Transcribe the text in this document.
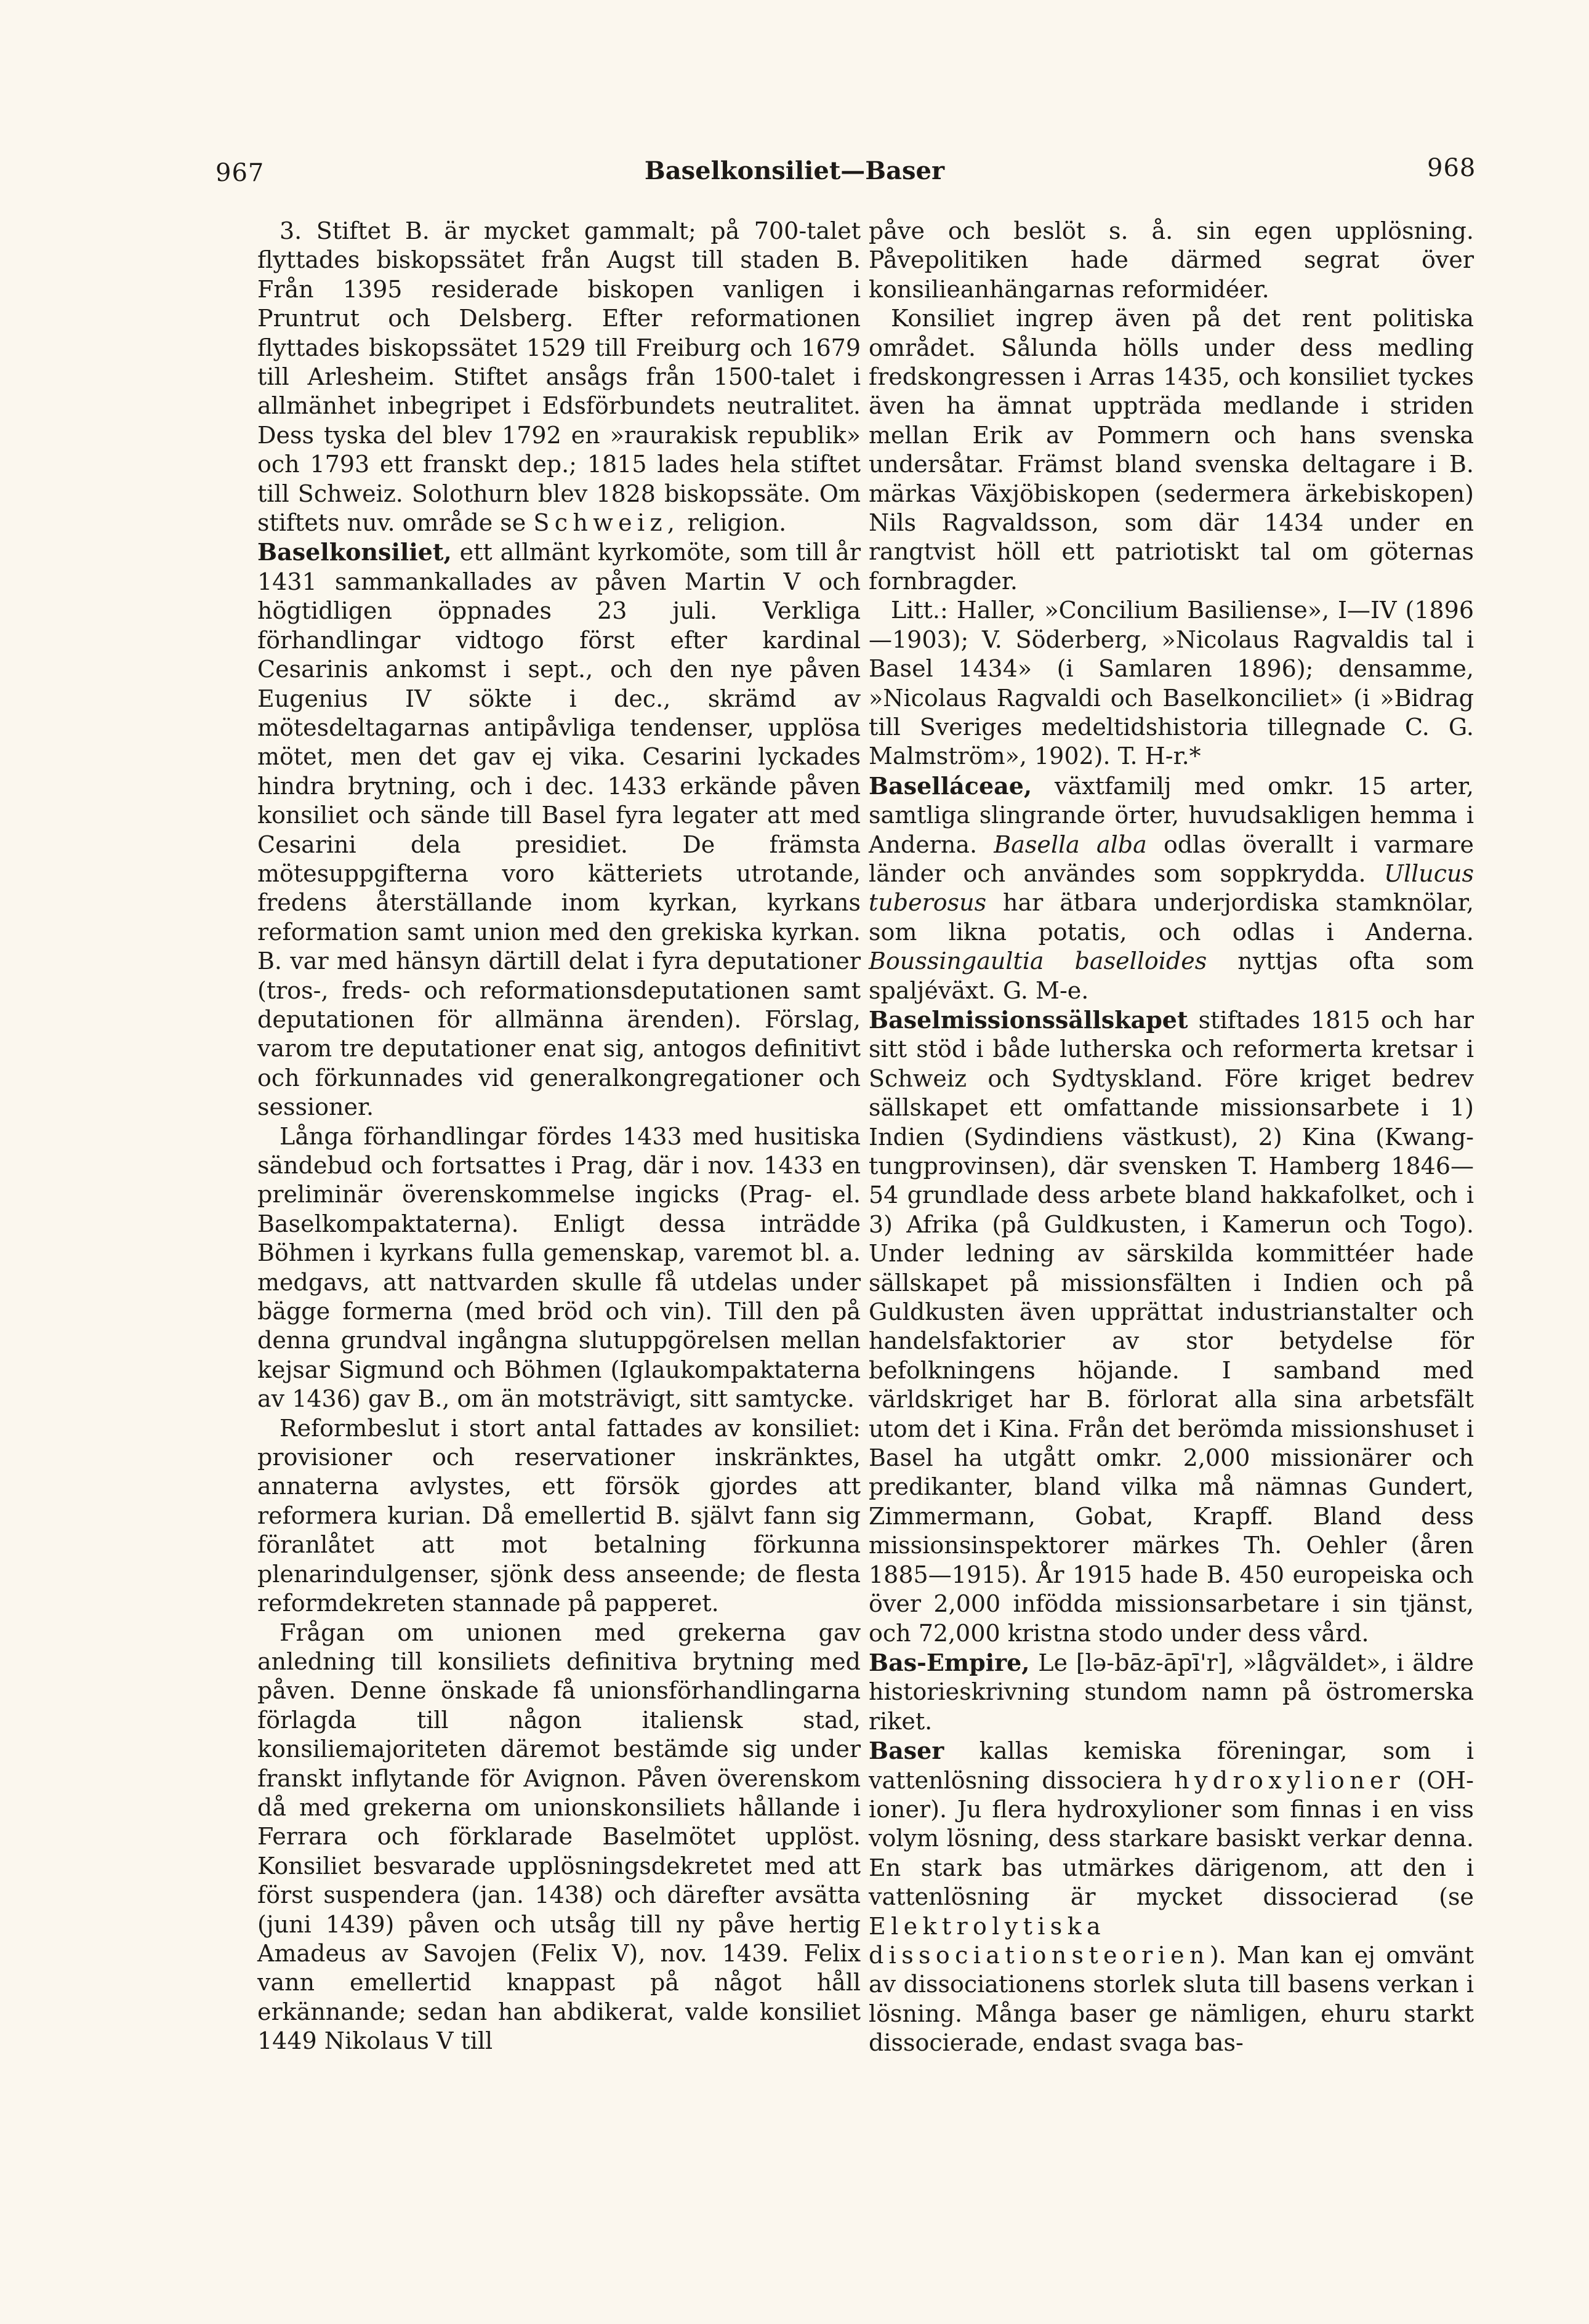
967	Baselkonsiliet—Baser	968

3. Stiftet B. är mycket gammalt; på 700-talet flyttades biskopssätet från Augst till staden B. Från 1395 residerade biskopen vanligen i Pruntrut och Delsberg. Efter reformationen flyttades biskopssätet 1529 till Freiburg och 1679 till Arlesheim. Stiftet ansågs från 1500-talet i allmänhet inbegripet i Edsförbundets neutralitet. Dess tyska del blev 1792 en »raurakisk republik» och 1793 ett franskt dep.; 1815 lades hela stiftet till Schweiz. Solothurn blev 1828 biskopssäte. Om stiftets nuv. område se Schweiz, religion.

Baselkonsiliet, ett allmänt kyrkomöte, som till år 1431 sammankallades av påven Martin V och högtidligen öppnades 23 juli. Verkliga förhandlingar vidtogo först efter kardinal Cesarinis ankomst i sept., och den nye påven Eugenius IV sökte i dec., skrämd av mötesdeltagarnas antipåvliga tendenser, upplösa mötet, men det gav ej vika. Cesarini lyckades hindra brytning, och i dec. 1433 erkände påven konsiliet och sände till Basel fyra legater att med Cesarini dela presidiet. De främsta mötesuppgifterna voro kätteriets utrotande, fredens återställande inom kyrkan, kyrkans reformation samt union med den grekiska kyrkan. B. var med hänsyn därtill delat i fyra deputationer (tros-, freds- och reformationsdeputationen samt deputationen för allmänna ärenden). Förslag, varom tre deputationer enat sig, antogos definitivt och förkunnades vid generalkongregationer och sessioner.

Långa förhandlingar fördes 1433 med husitiska sändebud och fortsattes i Prag, där i nov. 1433 en preliminär överenskommelse ingicks (Prag- el. Baselkompaktaterna). Enligt dessa inträdde Böhmen i kyrkans fulla gemenskap, varemot bl. a. medgavs, att nattvarden skulle få utdelas under bägge formerna (med bröd och vin). Till den på denna grundval ingångna slutuppgörelsen mellan kejsar Sigmund och Böhmen (Iglaukompaktaterna av 1436) gav B., om än motsträvigt, sitt samtycke.

Reformbeslut i stort antal fattades av konsiliet: provisioner och reservationer inskränktes, annaterna avlystes, ett försök gjordes att reformera kurian. Då emellertid B. självt fann sig föranlåtet att mot betalning förkunna plenarindulgenser, sjönk dess anseende; de flesta reformdekreten stannade på papperet.

Frågan om unionen med grekerna gav anledning till konsiliets definitiva brytning med påven. Denne önskade få unionsförhandlingarna förlagda till någon italiensk stad, konsiliemajoriteten däremot bestämde sig under franskt inflytande för Avignon. Påven överenskom då med grekerna om unionskonsiliets hållande i Ferrara och förklarade Baselmötet upplöst. Konsiliet besvarade upplösningsdekretet med att först suspendera (jan. 1438) och därefter avsätta (juni 1439) påven och utsåg till ny påve hertig Amadeus av Savojen (Felix V), nov. 1439. Felix vann emellertid knappast på något håll erkännande; sedan han abdikerat, valde konsiliet 1449 Nikolaus V till

påve och beslöt s. å. sin egen upplösning. Påvepolitiken hade därmed segrat över konsilieanhängarnas reformidéer.

Konsiliet ingrep även på det rent politiska området. Sålunda hölls under dess medling fredskongressen i Arras 1435, och konsiliet tyckes även ha ämnat uppträda medlande i striden mellan Erik av Pommern och hans svenska undersåtar. Främst bland svenska deltagare i B. märkas Växjöbiskopen (sedermera ärkebiskopen) Nils Ragvaldsson, som där 1434 under en rangtvist höll ett patriotiskt tal om göternas fornbragder.

Litt.: Haller, »Concilium Basiliense», I—IV (1896—1903); V. Söderberg, »Nicolaus Ragvaldis tal i Basel 1434» (i Samlaren 1896); densamme, »Nicolaus Ragvaldi och Baselkonciliet» (i »Bidrag till Sveriges medeltidshistoria tillegnade C. G. Malmström», 1902). T. H-r.*

Baselláceae, växtfamilj med omkr. 15 arter, samtliga slingrande örter, huvudsakligen hemma i Anderna. Basella alba odlas överallt i varmare länder och användes som soppkrydda. Ullucus tuberosus har ätbara underjordiska stamknölar, som likna potatis, och odlas i Anderna. Boussingaultia baselloides nyttjas ofta som spaljéväxt. G. M-e.

Baselmissionssällskapet stiftades 1815 och har sitt stöd i både lutherska och reformerta kretsar i Schweiz och Sydtyskland. Före kriget bedrev sällskapet ett omfattande missionsarbete i 1) Indien (Sydindiens västkust), 2) Kina (Kwang-tungprovinsen), där svensken T. Hamberg 1846—54 grundlade dess arbete bland hakkafolket, och i 3) Afrika (på Guldkusten, i Kamerun och Togo). Under ledning av särskilda kommittéer hade sällskapet på missionsfälten i Indien och på Guldkusten även upprättat industrianstalter och handelsfaktorier av stor betydelse för befolkningens höjande. I samband med världskriget har B. förlorat alla sina arbetsfält utom det i Kina. Från det berömda missionshuset i Basel ha utgått omkr. 2,000 missionärer och predikanter, bland vilka må nämnas Gundert, Zimmermann, Gobat, Krapff. Bland dess missionsinspektorer märkes Th. Oehler (åren 1885—1915). År 1915 hade B. 450 europeiska och över 2,000 infödda missionsarbetare i sin tjänst, och 72,000 kristna stodo under dess vård.

Bas-Empire, Le [lə-bāz-āpī'r], »lågväldet», i äldre historieskrivning stundom namn på östromerska riket.

Baser kallas kemiska föreningar, som i vattenlösning dissociera hydroxylioner (OH-ioner). Ju flera hydroxylioner som finnas i en viss volym lösning, dess starkare basiskt verkar denna. En stark bas utmärkes därigenom, att den i vattenlösning är mycket dissocierad (se Elektrolytiska dissociationsteorien). Man kan ej omvänt av dissociationens storlek sluta till basens verkan i lösning. Många baser ge nämligen, ehuru starkt dissocierade, endast svaga bas-
